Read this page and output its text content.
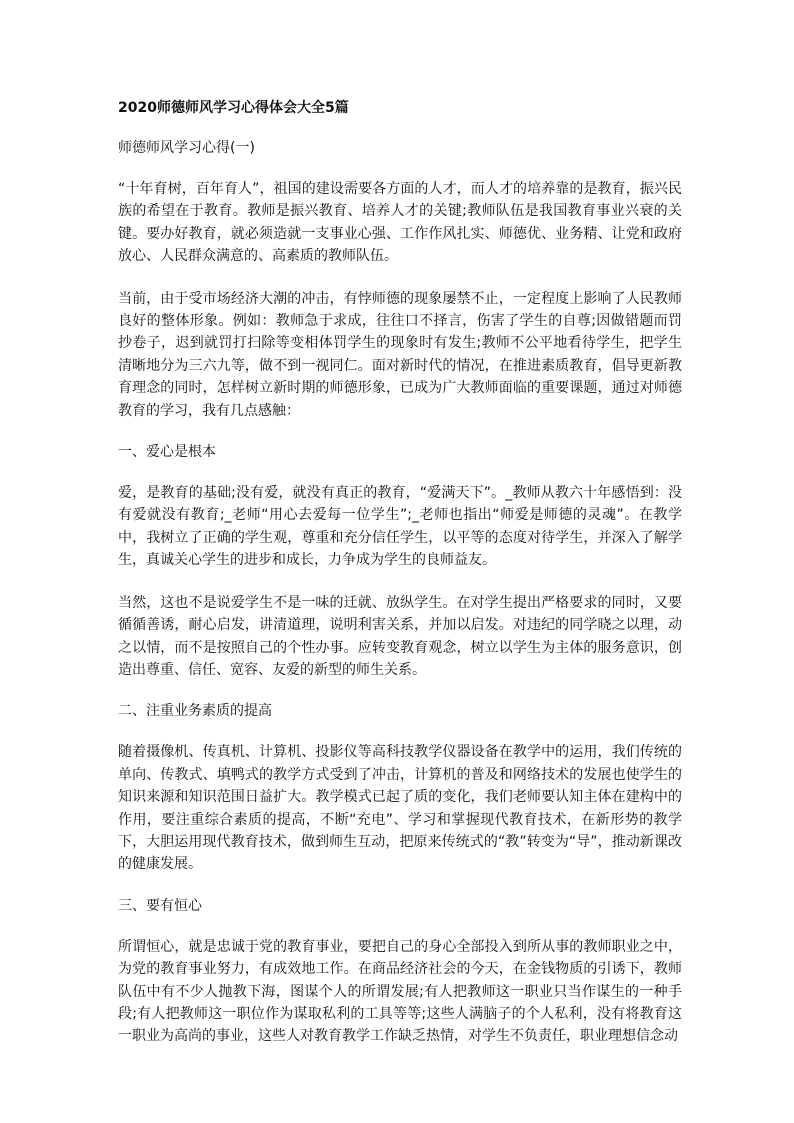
2020师德师风学习心得体会大全5篇
师德师风学习心得(一)

“十年育树，百年育人”，祖国的建设需要各方面的人才，而人才的培养靠的是教育，振兴民族的希望在于教育。教师是振兴教育、培养人才的关键;教师队伍是我国教育事业兴衰的关键。要办好教育，就必须造就一支事业心强、工作作风扎实、师德优、业务精、让党和政府放心、人民群众满意的、高素质的教师队伍。

当前，由于受市场经济大潮的冲击，有悖师德的现象屡禁不止，一定程度上影响了人民教师良好的整体形象。例如：教师急于求成，往往口不择言，伤害了学生的自尊;因做错题而罚抄卷子，迟到就罚打扫除等变相体罚学生的现象时有发生;教师不公平地看待学生，把学生清晰地分为三六九等，做不到一视同仁。面对新时代的情况，在推进素质教育，倡导更新教育理念的同时，怎样树立新时期的师德形象，已成为广大教师面临的重要课题，通过对师德教育的学习，我有几点感触：

一、爱心是根本

爱，是教育的基础;没有爱，就没有真正的教育，“爱满天下”。_教师从教六十年感悟到：没有爱就没有教育;_老师“用心去爱每一位学生”;_老师也指出“师爱是师德的灵魂”。在教学中，我树立了正确的学生观，尊重和充分信任学生，以平等的态度对待学生，并深入了解学生，真诚关心学生的进步和成长，力争成为学生的良师益友。

当然，这也不是说爱学生不是一味的迁就、放纵学生。在对学生提出严格要求的同时，又要循循善诱，耐心启发，讲清道理，说明利害关系，并加以启发。对违纪的同学晓之以理，动之以情，而不是按照自己的个性办事。应转变教育观念，树立以学生为主体的服务意识，创造出尊重、信任、宽容、友爱的新型的师生关系。

二、注重业务素质的提高

随着摄像机、传真机、计算机、投影仪等高科技教学仪器设备在教学中的运用，我们传统的单向、传教式、填鸭式的教学方式受到了冲击，计算机的普及和网络技术的发展也使学生的知识来源和知识范围日益扩大。教学模式已起了质的变化，我们老师要认知主体在建构中的作用，要注重综合素质的提高，不断“充电”、学习和掌握现代教育技术，在新形势的教学下，大胆运用现代教育技术，做到师生互动，把原来传统式的“教”转变为“导”，推动新课改的健康发展。

三、要有恒心

所谓恒心，就是忠诚于党的教育事业，要把自己的身心全部投入到所从事的教师职业之中，为党的教育事业努力，有成效地工作。在商品经济社会的今天，在金钱物质的引诱下，教师队伍中有不少人抛教下海，图谋个人的所谓发展;有人把教师这一职业只当作谋生的一种手段;有人把教师这一职位作为谋取私利的工具等等;这些人满脑子的个人私利，没有将教育这一职业为高尚的事业，这些人对教育教学工作缺乏热情，对学生不负责任，职业理想信念动
